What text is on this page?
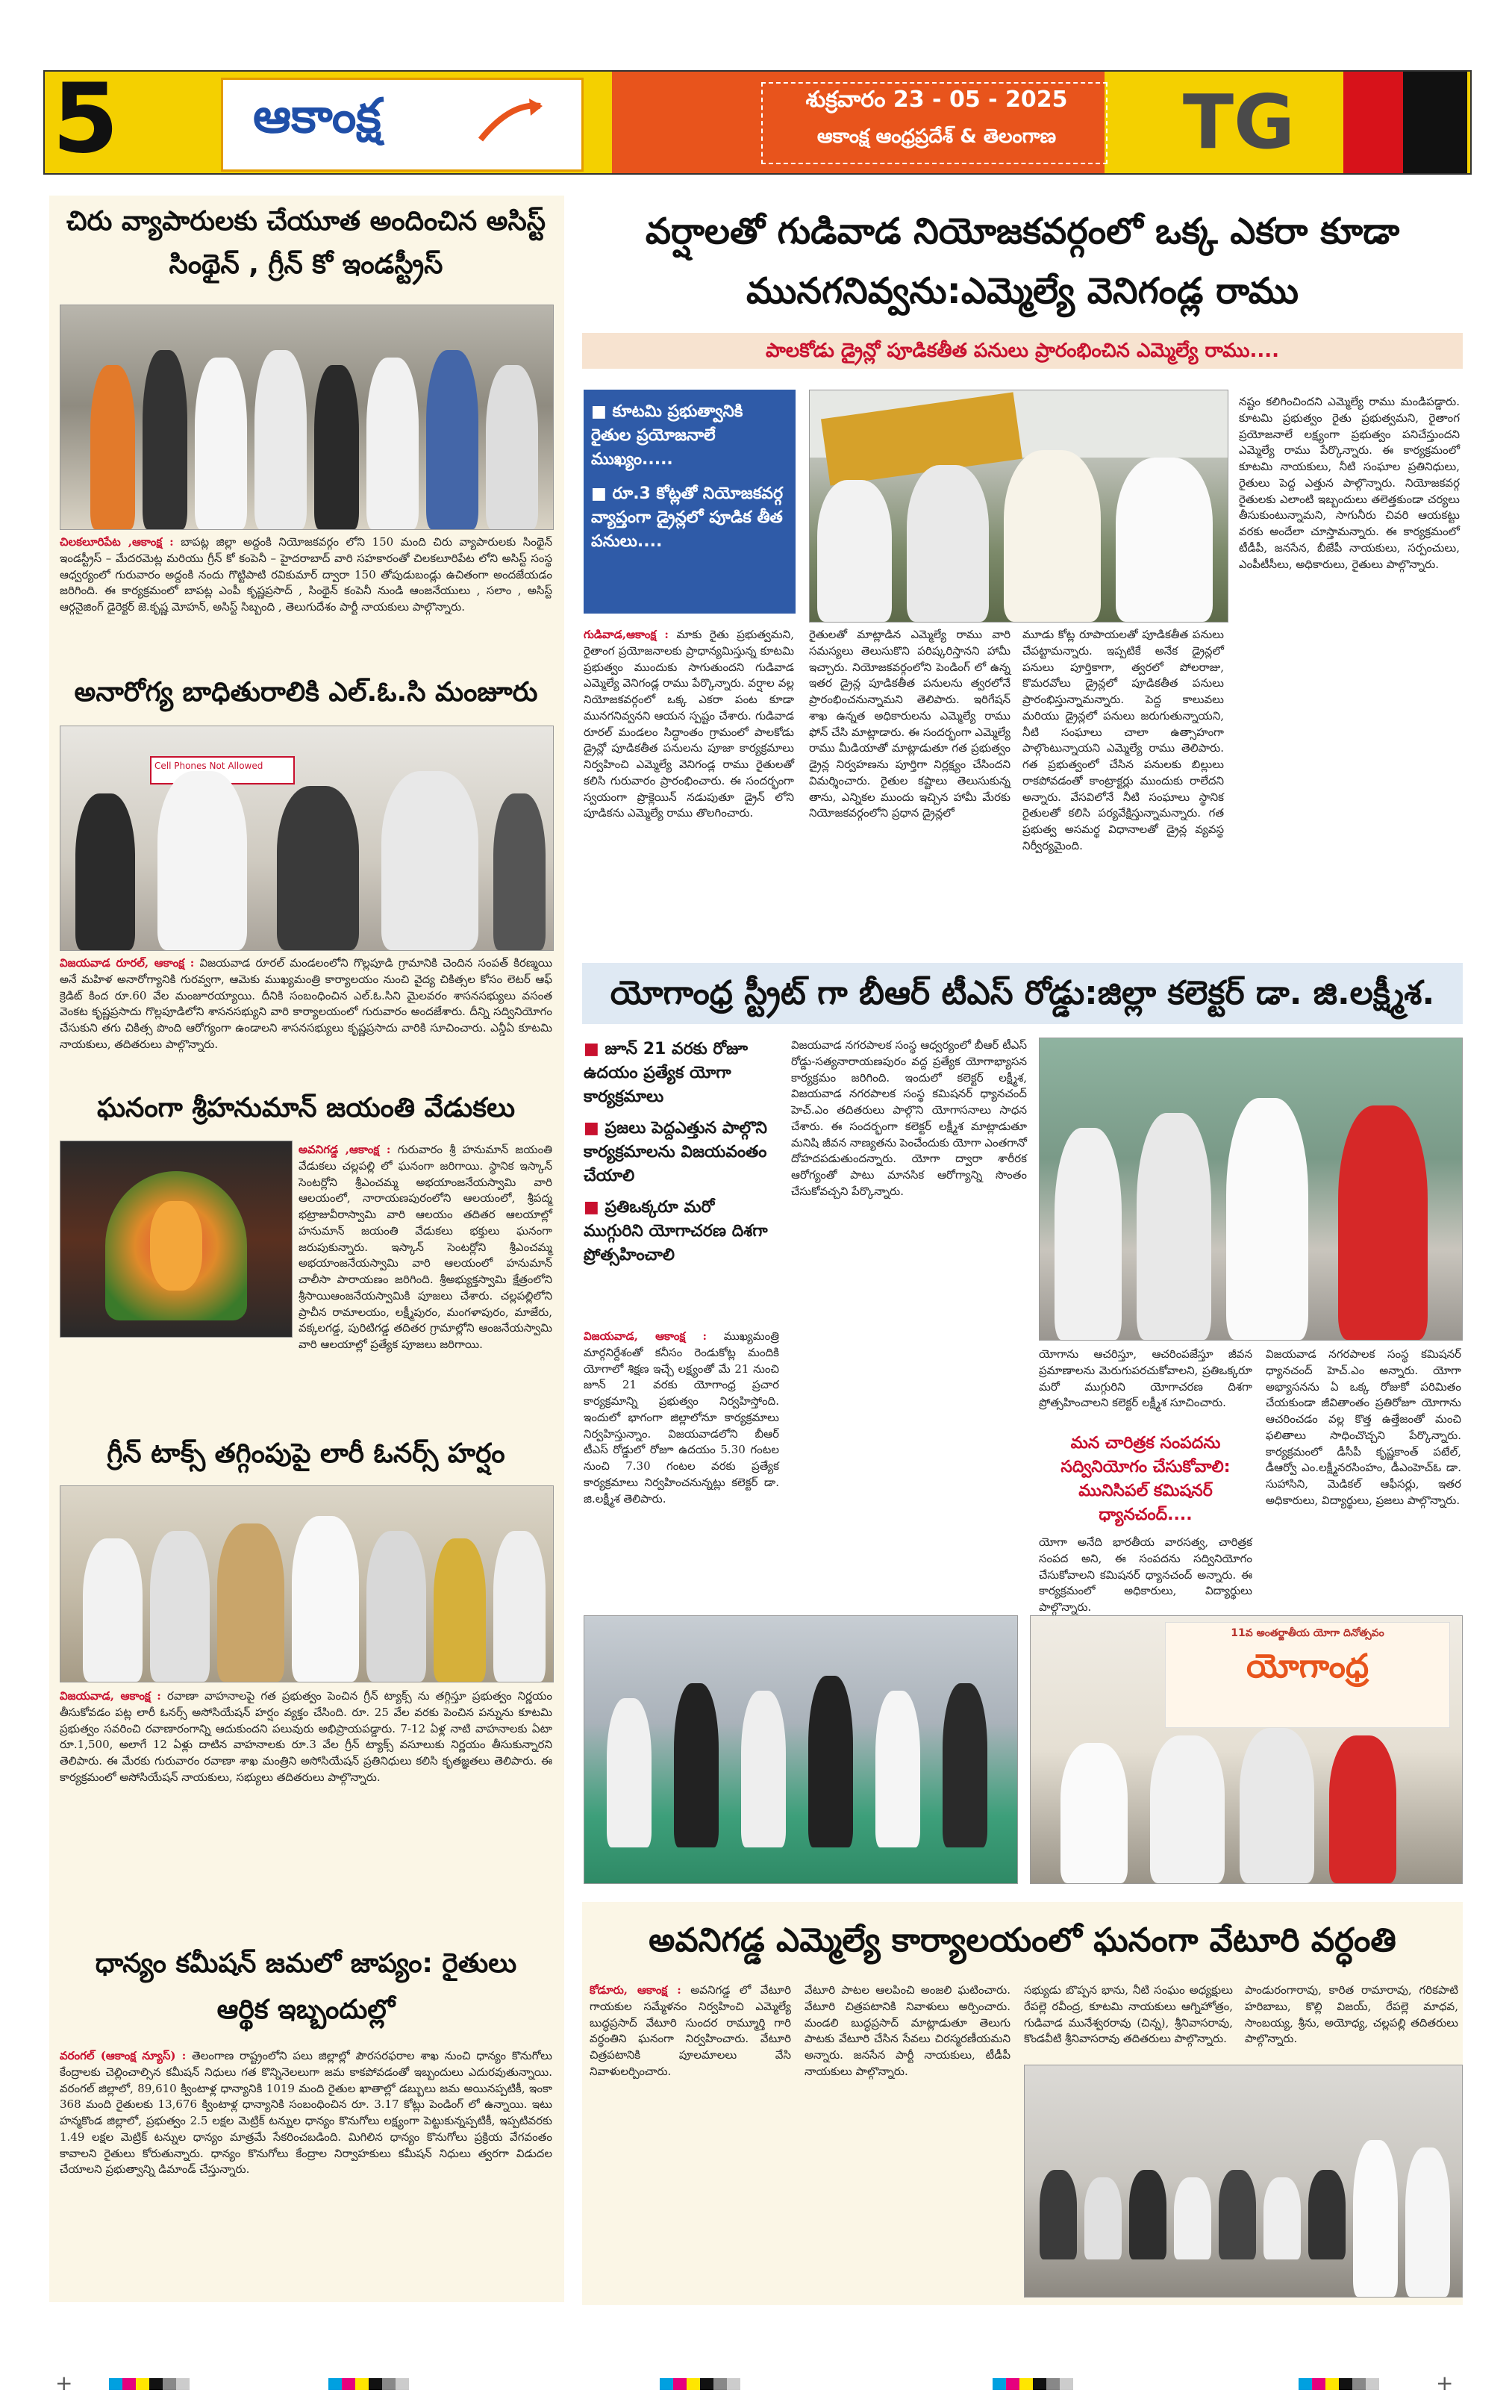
5	ఆకాంక్ష	శుక్రవారం 23 - 05 - 2025
ఆకాంక్ష ఆంధ్రప్రదేశ్ & తెలంగాణ	TG
చిరు వ్యాపారులకు చేయూత అందించిన అసిస్ట్ సింథైన్ , గ్రీన్ కో ఇండస్ట్రీస్

చిలకలూరిపేట ,ఆకాంక్ష : బాపట్ల జిల్లా అద్దంకి నియోజకవర్గం లోని 150 మంది చిరు వ్యాపారులకు సింథైన్ ఇండస్ట్రీస్ – మేదరమెట్ల మరియు గ్రీన్ కో కంపెనీ – హైదరాబాద్ వారి సహకారంతో చిలకలూరిపేట లోని అసిస్ట్ సంస్థ ఆధ్వర్యంలో గురువారం అద్దంకి నందు గొట్టిపాటి రవికుమార్ ద్వారా 150 తోపుడుబండ్లు ఉచితంగా అందజేయడం జరిగింది. ఈ కార్యక్రమంలో బాపట్ల ఎంపీ కృష్ణప్రసాద్ , సింథైన్ కంపెనీ నుండి ఆంజనేయులు , సలాం , అసిస్ట్ ఆర్గనైజింగ్ డైరెక్టర్ జె.కృష్ణ మోహన్, అసిస్ట్ సిబ్బంది , తెలుగుదేశం పార్టీ నాయకులు పాల్గొన్నారు.

అనారోగ్య బాధితురాలికి ఎల్.ఓ.సి మంజూరు
Cell Phones Not Allowed

విజయవాడ రూరల్, ఆకాంక్ష : విజయవాడ రూరల్ మండలంలోని గొల్లపూడి గ్రామానికి చెందిన సంపత్ కిరణ్మయి అనే మహిళ అనారోగ్యానికి గురవ్వగా, ఆమెకు ముఖ్యమంత్రి కార్యాలయం నుంచి వైద్య చికిత్సల కోసం లెటర్ ఆఫ్ క్రెడిట్ కింద రూ.60 వేల మంజూరయ్యాయి. దీనికి సంబంధించిన ఎల్.ఓ.సిని మైలవరం శాసనసభ్యులు వసంత వెంకట కృష్ణప్రసాదు గొల్లపూడిలోని శాసనసభ్యుని వారి కార్యాలయంలో గురువారం అందజేశారు. దీన్ని సద్వినియోగం చేసుకుని తగు చికిత్స పొంది ఆరోగ్యంగా ఉండాలని శాసనసభ్యులు కృష్ణప్రసాదు వారికి సూచించారు. ఎన్డీఏ కూటమి నాయకులు, తదితరులు పాల్గొన్నారు.

ఘనంగా శ్రీహనుమాన్ జయంతి వేడుకలు

అవనిగడ్డ ,ఆకాంక్ష : గురువారం శ్రీ హనుమాన్ జయంతి వేడుకలు చల్లపల్లి లో ఘనంగా జరిగాయి. స్థానిక ఇస్కాన్ సెంటర్లోని శ్రీఎంచమ్మ అభయాంజనేయస్వామి వారి ఆలయంలో, నారాయణపురంలోని ఆలయంలో, శ్రీపద్మ భట్రాజువీరాస్వామి వారి ఆలయం తదితర ఆలయాల్లో హనుమాన్ జయంతి వేడుకలు భక్తులు ఘనంగా జరుపుకున్నారు. ఇస్కాన్ సెంటర్లోని శ్రీఎంచమ్మ అభయాంజనేయస్వామి వారి ఆలయంలో హనుమాన్ చాలీసా పారాయణం జరిగింది. శ్రీఅభ్యుక్తస్వామి క్షేత్రంలోని శ్రీసాయిఆంజనేయస్వామికి పూజలు చేశారు. చల్లపల్లిలోని ప్రాచీన రామాలయం, లక్ష్మీపురం, మంగళాపురం, మాజేరు, వక్కలగడ్డ, పురిటిగడ్డ తదితర గ్రామాల్లోని ఆంజనేయస్వామి వారి ఆలయాల్లో ప్రత్యేక పూజలు జరిగాయి.

గ్రీన్ టాక్స్ తగ్గింపుపై లారీ ఓనర్స్ హర్షం

విజయవాడ, ఆకాంక్ష : రవాణా వాహనాలపై గత ప్రభుత్వం పెంచిన గ్రీన్ ట్యాక్స్ ను తగ్గిస్తూ ప్రభుత్వం నిర్ణయం తీసుకోవడం పట్ల లారీ ఓనర్స్ అసోసియేషన్ హర్షం వ్యక్తం చేసింది. రూ. 25 వేల వరకు పెంచిన పన్నును కూటమి ప్రభుత్వం సవరించి రవాణారంగాన్ని ఆదుకుందని పలువురు అభిప్రాయపడ్డారు. 7-12 ఏళ్ల నాటి వాహనాలకు ఏటా రూ.1,500, అలాగే 12 ఏళ్లు దాటిన వాహనాలకు రూ.3 వేల గ్రీన్ ట్యాక్స్ వసూలుకు నిర్ణయం తీసుకున్నారని తెలిపారు. ఈ మేరకు గురువారం రవాణా శాఖ మంత్రిని అసోసియేషన్ ప్రతినిధులు కలిసి కృతజ్ఞతలు తెలిపారు. ఈ కార్యక్రమంలో అసోసియేషన్ నాయకులు, సభ్యులు తదితరులు పాల్గొన్నారు.

ధాన్యం కమీషన్ జమలో జాప్యం: రైతులు ఆర్థిక ఇబ్బందుల్లో

వరంగల్ (ఆకాంక్ష న్యూస్) : తెలంగాణ రాష్ట్రంలోని పలు జిల్లాల్లో పౌరసరఫరాల శాఖ నుంచి ధాన్యం కొనుగోలు కేంద్రాలకు చెల్లించాల్సిన కమీషన్ నిధులు గత కొన్నినెలలుగా జమ కాకపోవడంతో ఇబ్బందులు ఎదురవుతున్నాయి. వరంగల్ జిల్లాలో, 89,610 క్వింటాళ్ల ధాన్యానికి 1019 మంది రైతుల ఖాతాల్లో డబ్బులు జమ అయినప్పటికీ, ఇంకా 368 మంది రైతులకు 13,676 క్వింటాళ్ల ధాన్యానికి సంబంధించిన రూ. 3.17 కోట్లు పెండింగ్ లో ఉన్నాయి. ఇటు హన్మకొండ జిల్లాలో, ప్రభుత్వం 2.5 లక్షల మెట్రిక్ టన్నుల ధాన్యం కొనుగోలు లక్ష్యంగా పెట్టుకున్నప్పటికీ, ఇప్పటివరకు 1.49 లక్షల మెట్రిక్ టన్నుల ధాన్యం మాత్రమే సేకరించబడింది. మిగిలిన ధాన్యం కొనుగోలు ప్రక్రియ వేగవంతం కావాలని రైతులు కోరుతున్నారు. ధాన్యం కొనుగోలు కేంద్రాల నిర్వాహకులు కమీషన్ నిధులు త్వరగా విడుదల చేయాలని ప్రభుత్వాన్ని డిమాండ్ చేస్తున్నారు.

వర్షాలతో గుడివాడ నియోజకవర్గంలో ఒక్క ఎకరా కూడా మునగనివ్వను:ఎమ్మెల్యే వెనిగండ్ల రాము
పాలకోడు డ్రైన్లో పూడికతీత పనులు ప్రారంభించిన ఎమ్మెల్యే రాము....
■ కూటమి ప్రభుత్వానికి రైతుల ప్రయోజనాలే ముఖ్యం.....
■ రూ.3 కోట్లతో నియోజకవర్గ వ్యాప్తంగా డ్రైన్లలో పూడిక తీత పనులు....

గుడివాడ,ఆకాంక్ష : మాకు రైతు ప్రభుత్వమని, రైతాంగ ప్రయోజనాలకు ప్రాధాన్యమిస్తున్న కూటమి ప్రభుత్వం ముందుకు సాగుతుందని గుడివాడ ఎమ్మెల్యే వెనిగండ్ల రాము పేర్కొన్నారు. వర్షాల వల్ల నియోజకవర్గంలో ఒక్క ఎకరా పంట కూడా మునగనివ్వనని ఆయన స్పష్టం చేశారు. గుడివాడ రూరల్ మండలం సిద్ధాంతం గ్రామంలో పాలకోడు డ్రైన్లో పూడికతీత పనులను పూజా కార్యక్రమాలు నిర్వహించి ఎమ్మెల్యే వెనిగండ్ల రాము రైతులతో కలిసి గురువారం ప్రారంభించారు. ఈ సందర్భంగా స్వయంగా ప్రొక్లెయిన్ నడుపుతూ డ్రైన్ లోని పూడికను ఎమ్మెల్యే రాము తొలగించారు.

రైతులతో మాట్లాడిన ఎమ్మెల్యే రాము వారి సమస్యలు తెలుసుకొని పరిష్కరిస్తానని హామీ ఇచ్చారు. నియోజకవర్గంలోని పెండింగ్ లో ఉన్న ఇతర డ్రైన్ల పూడికతీత పనులను త్వరలోనే ప్రారంభించనున్నామని తెలిపారు. ఇరిగేషన్ శాఖ ఉన్నత అధికారులను ఎమ్మెల్యే రాము ఫోన్ చేసి మాట్లాడారు. ఈ సందర్భంగా ఎమ్మెల్యే రాము మీడియాతో మాట్లాడుతూ గత ప్రభుత్వం డ్రైన్ల నిర్వహణను పూర్తిగా నిర్లక్ష్యం చేసిందని విమర్శించారు. రైతుల కష్టాలు తెలుసుకున్న తాను, ఎన్నికల ముందు ఇచ్చిన హామీ మేరకు నియోజకవర్గంలోని ప్రధాన డ్రైన్లలో

మూడు కోట్ల రూపాయలతో పూడికతీత పనులు చేపట్టామన్నారు. ఇప్పటికే అనేక డ్రైన్లలో పనులు పూర్తికాగా, త్వరలో పోలరాజు, కొమరవోలు డ్రైన్లలో పూడికతీత పనులు ప్రారంభిస్తున్నామన్నారు. పెద్ద కాలువలు మరియు డ్రైన్లలో పనులు జరుగుతున్నాయని, నీటి సంఘాలు చాలా ఉత్సాహంగా పాల్గొంటున్నాయని ఎమ్మెల్యే రాము తెలిపారు. గత ప్రభుత్వంలో చేసిన పనులకు బిల్లులు రాకపోవడంతో కాంట్రాక్టర్లు ముందుకు రాలేదని అన్నారు. వేసవిలోనే నీటి సంఘాలు స్థానిక రైతులతో కలిసి పర్యవేక్షిస్తున్నామన్నారు. గత ప్రభుత్వ అసమర్థ విధానాలతో డ్రైన్ల వ్యవస్థ నిర్వీర్యమైంది.

నష్టం కలిగించిందని ఎమ్మెల్యే రాము మండిపడ్డారు. కూటమి ప్రభుత్వం రైతు ప్రభుత్వమని, రైతాంగ ప్రయోజనాలే లక్ష్యంగా ప్రభుత్వం పనిచేస్తుందని ఎమ్మెల్యే రాము పేర్కొన్నారు. ఈ కార్యక్రమంలో కూటమి నాయకులు, నీటి సంఘాల ప్రతినిధులు, రైతులు పెద్ద ఎత్తున పాల్గొన్నారు. నియోజకవర్గ రైతులకు ఎలాంటి ఇబ్బందులు తలెత్తకుండా చర్యలు తీసుకుంటున్నామని, సాగునీరు చివరి ఆయకట్టు వరకు అందేలా చూస్తామన్నారు. ఈ కార్యక్రమంలో టీడీపీ, జనసేన, బీజేపీ నాయకులు, సర్పంచులు, ఎంపీటీసీలు, అధికారులు, రైతులు పాల్గొన్నారు.

యోగాంధ్ర స్ట్రీట్ గా బీఆర్ టీఎస్ రోడ్డు:జిల్లా కలెక్టర్ డా. జి.లక్ష్మీశ.
■ జూన్ 21 వరకు రోజూ ఉదయం ప్రత్యేక యోగా కార్యక్రమాలు
■ ప్రజలు పెద్దఎత్తున పాల్గొని కార్యక్రమాలను విజయవంతం చేయాలి
■ ప్రతిఒక్కరూ మరో ముగ్గురిని యోగాచరణ దిశగా ప్రోత్సహించాలి

విజయవాడ, ఆకాంక్ష : ముఖ్యమంత్రి మార్గనిర్దేశంతో కనీసం రెండుకోట్ల మందికి యోగాలో శిక్షణ ఇచ్చే లక్ష్యంతో మే 21 నుంచి జూన్ 21 వరకు యోగాంధ్ర ప్రచార కార్యక్రమాన్ని ప్రభుత్వం నిర్వహిస్తోంది. ఇందులో భాగంగా జిల్లాలోనూ కార్యక్రమాలు నిర్వహిస్తున్నాం. విజయవాడలోని బీఆర్ టీఎస్ రోడ్డులో రోజూ ఉదయం 5.30 గంటల నుంచి 7.30 గంటల వరకు ప్రత్యేక కార్యక్రమాలు నిర్వహించనున్నట్లు కలెక్టర్ డా. జి.లక్ష్మీశ తెలిపారు.

విజయవాడ నగరపాలక సంస్థ ఆధ్వర్యంలో బీఆర్ టీఎస్ రోడ్డు-సత్యనారాయణపురం వద్ద ప్రత్యేక యోగాభ్యాసన కార్యక్రమం జరిగింది. ఇందులో కలెక్టర్ లక్ష్మీశ, విజయవాడ నగరపాలక సంస్థ కమిషనర్ ధ్యానచంద్ హెచ్.ఎం తదితరులు పాల్గొని యోగాసనాలు సాధన చేశారు. ఈ సందర్భంగా కలెక్టర్ లక్ష్మీశ మాట్లాడుతూ మనిషి జీవన నాణ్యతను పెంచేందుకు యోగా ఎంతగానో దోహదపడుతుందన్నారు. యోగా ద్వారా శారీరక ఆరోగ్యంతో పాటు మానసిక ఆరోగ్యాన్ని సొంతం చేసుకోవచ్చని పేర్కొన్నారు.

యోగాను ఆచరిస్తూ, ఆచరింపజేస్తూ జీవన ప్రమాణాలను మెరుగుపరచుకోవాలని, ప్రతిఒక్కరూ మరో ముగ్గురిని యోగాచరణ దిశగా ప్రోత్సహించాలని కలెక్టర్ లక్ష్మీశ సూచించారు.

మన చారిత్రక సంపదను సద్వినియోగం చేసుకోవాలి: మునిసిపల్ కమిషనర్ ధ్యానచంద్....

యోగా అనేది భారతీయ వారసత్వ, చారిత్రక సంపద అని, ఈ సంపదను సద్వినియోగం చేసుకోవాలని కమిషనర్ ధ్యానచంద్ అన్నారు. ఈ కార్యక్రమంలో అధికారులు, విద్యార్థులు పాల్గొన్నారు.

విజయవాడ నగరపాలక సంస్థ కమిషనర్ ధ్యానచంద్ హెచ్.ఎం అన్నారు. యోగా అభ్యాసనను ఏ ఒక్క రోజుకో పరిమితం చేయకుండా జీవితాంతం ప్రతిరోజూ యోగాను ఆచరించడం వల్ల కొత్త ఉత్తేజంతో మంచి ఫలితాలు సాధించొచ్చని పేర్కొన్నారు. కార్యక్రమంలో డీసీపీ కృష్ణకాంత్ పటేల్, డీఆర్వో ఎం.లక్ష్మీనరసింహం, డీఎంహెచ్ఓ డా. సుహాసిని, మెడికల్ ఆఫీసర్లు, ఇతర అధికారులు, విద్యార్థులు, ప్రజలు పాల్గొన్నారు.

11వ అంతర్జాతీయ యోగా దినోత్సవం
యోగాంధ్ర
అవనిగడ్డ ఎమ్మెల్యే కార్యాలయంలో ఘనంగా వేటూరి వర్ధంతి

కోడూరు, ఆకాంక్ష : అవనిగడ్డ లో వేటూరి గాయకుల సమ్మేళనం నిర్వహించి ఎమ్మెల్యే బుద్ధప్రసాద్ వేటూరి సుందర రామ్మూర్తి గారి వర్ధంతిని ఘనంగా నిర్వహించారు. వేటూరి చిత్రపటానికి పూలమాలలు వేసి నివాళులర్పించారు.

వేటూరి పాటల ఆలపించి అంజలి ఘటించారు. వేటూరి చిత్రపటానికి నివాళులు అర్పించారు. మండలి బుద్ధప్రసాద్ మాట్లాడుతూ తెలుగు పాటకు వేటూరి చేసిన సేవలు చిరస్మరణీయమని అన్నారు. జనసేన పార్టీ నాయకులు, టీడీపీ నాయకులు పాల్గొన్నారు.

సభ్యుడు బొప్పన భాను, నీటి సంఘం అధ్యక్షులు రేపల్లె రవీంద్ర, కూటమి నాయకులు ఆగ్నిహోత్రం, గుడివాడ మునేశ్వరరావు (చిన్న), శ్రీనివాసరావు, కొండవీటి శ్రీనివాసరావు తదితరులు పాల్గొన్నారు.

పాండురంగారావు, కారిత రామారావు, గరికపాటి హరిబాబు, కొల్లి విజయ్, రేపల్లె మాధవ, సాంబయ్య, శ్రీను, అయోధ్య, చల్లపల్లి తదితరులు పాల్గొన్నారు.

+	+
